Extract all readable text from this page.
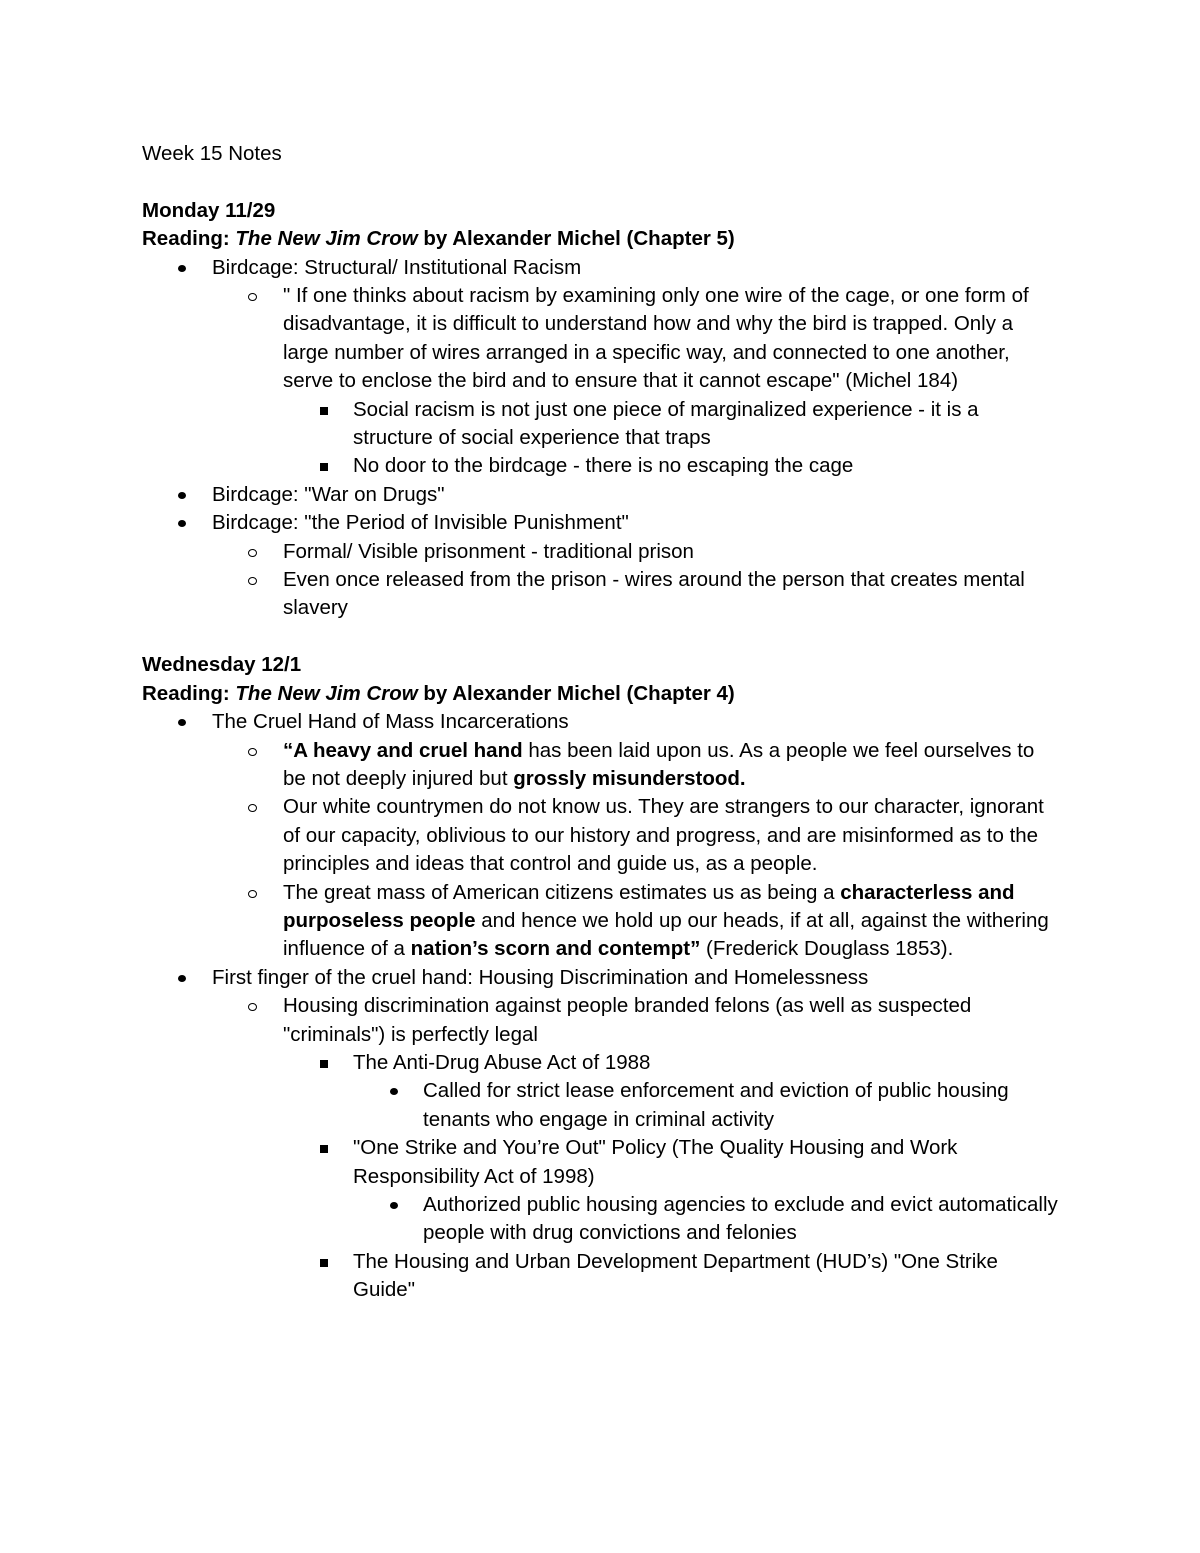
Week 15 Notes

Monday 11/29

Reading: The New Jim Crow by Alexander Michel (Chapter 5)

Birdcage: Structural/ Institutional Racism
" If one thinks about racism by examining only one wire of the cage, or one form of disadvantage, it is difficult to understand how and why the bird is trapped. Only a large number of wires arranged in a specific way, and connected to one another, serve to enclose the bird and to ensure that it cannot escape" (Michel 184)
Social racism is not just one piece of marginalized experience - it is a structure of social experience that traps
No door to the birdcage - there is no escaping the cage
Birdcage: "War on Drugs"
Birdcage: "the Period of Invisible Punishment"
Formal/ Visible prisonment - traditional prison
Even once released from the prison - wires around the person that creates mental slavery

Wednesday 12/1

Reading: The New Jim Crow by Alexander Michel (Chapter 4)

The Cruel Hand of Mass Incarcerations
“A heavy and cruel hand has been laid upon us. As a people we feel ourselves to be not deeply injured but grossly misunderstood.
Our white countrymen do not know us. They are strangers to our character, ignorant of our capacity, oblivious to our history and progress, and are misinformed as to the principles and ideas that control and guide us, as a people.
The great mass of American citizens estimates us as being a characterless and purposeless people and hence we hold up our heads, if at all, against the withering influence of a nation’s scorn and contempt” (Frederick Douglass 1853).
First finger of the cruel hand: Housing Discrimination and Homelessness
Housing discrimination against people branded felons (as well as suspected "criminals") is perfectly legal
The Anti-Drug Abuse Act of 1988
Called for strict lease enforcement and eviction of public housing tenants who engage in criminal activity
"One Strike and You’re Out" Policy (The Quality Housing and Work Responsibility Act of 1998)
Authorized public housing agencies to exclude and evict automatically people with drug convictions and felonies
The Housing and Urban Development Department (HUD’s) "One Strike Guide"
